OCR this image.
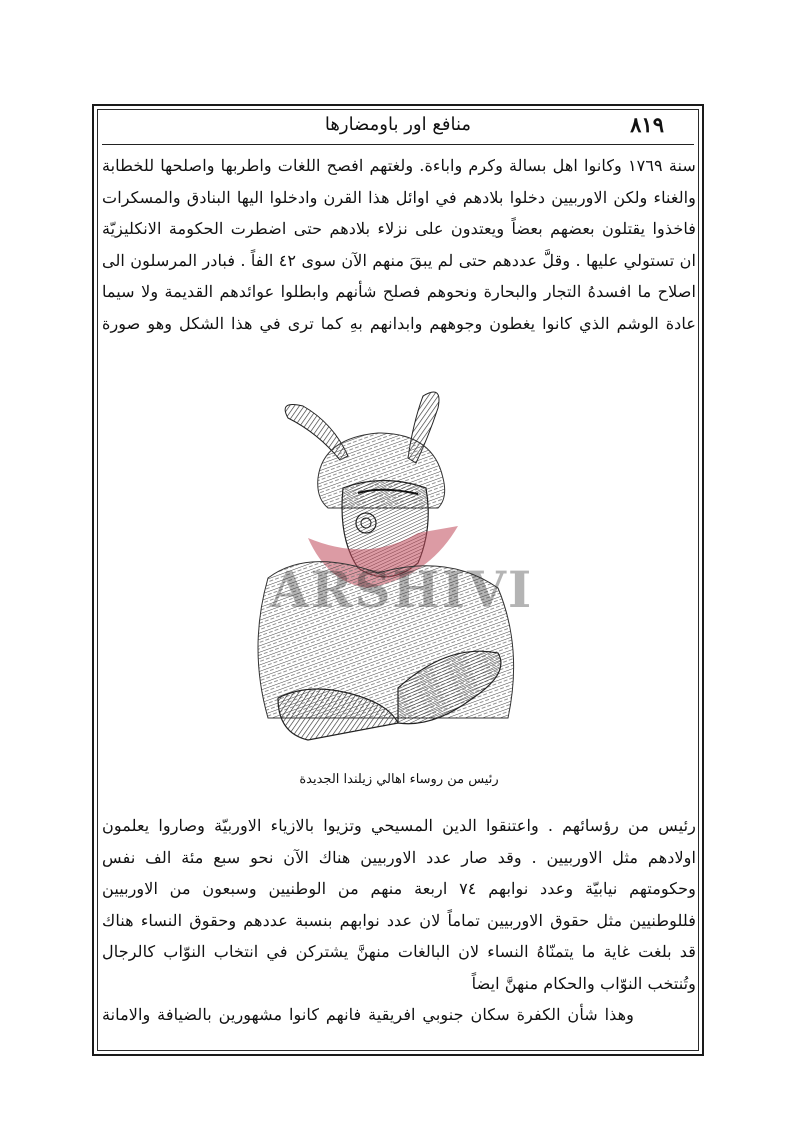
٨١٩
منافع اور باومضارها
سنة ١٧٦٩ وكانوا اهل بسالة وكرم واباءة. ولغتهم افصح اللغات واطربها واصلحها للخطابة
والغناء ولكن الاوربيين دخلوا بلادهم في اوائل هذا القرن وادخلوا اليها البنادق والمسكرات
فاخذوا يقتلون بعضهم بعضاً ويعتدون على نزلاء بلادهم حتى اضطرت الحكومة الانكليزيّة
ان تستولي عليها . وقلَّ عددهم حتى لم يبقَ منهم الآن سوى ٤٢ الفاً . فبادر المرسلون الى
اصلاح ما افسدهُ التجار والبحارة ونحوهم فصلح شأنهم وابطلوا عوائدهم القديمة ولا سيما
عادة الوشم الذي كانوا يغطون وجوههم وابدانهم بهِ كما ترى في هذا الشكل وهو صورة
ARSHIVI
رئيس من روساء اهالي زيلندا الجديدة
رئيس من رؤسائهم . واعتنقوا الدين المسيحي وتزيوا بالازياء الاوربيّة وصاروا يعلمون
اولادهم مثل الاوربيين . وقد صار عدد الاوربيين هناك الآن نحو سبع مئة الف نفس
وحكومتهم نيابيّة وعدد نوابهم ٧٤ اربعة منهم من الوطنيين وسبعون من الاوربيين
فللوطنيين مثل حقوق الاوربيين تماماً لان عدد نوابهم بنسبة عددهم وحقوق النساء هناك
قد بلغت غاية ما يتمنّاهُ النساء لان البالغات منهنَّ يشتركن في انتخاب النوّاب كالرجال
وتُنتخب النوّاب والحكام منهنَّ ايضاً
وهذا شأن الكفرة سكان جنوبي افريقية فانهم كانوا مشهورين بالضيافة والامانة
